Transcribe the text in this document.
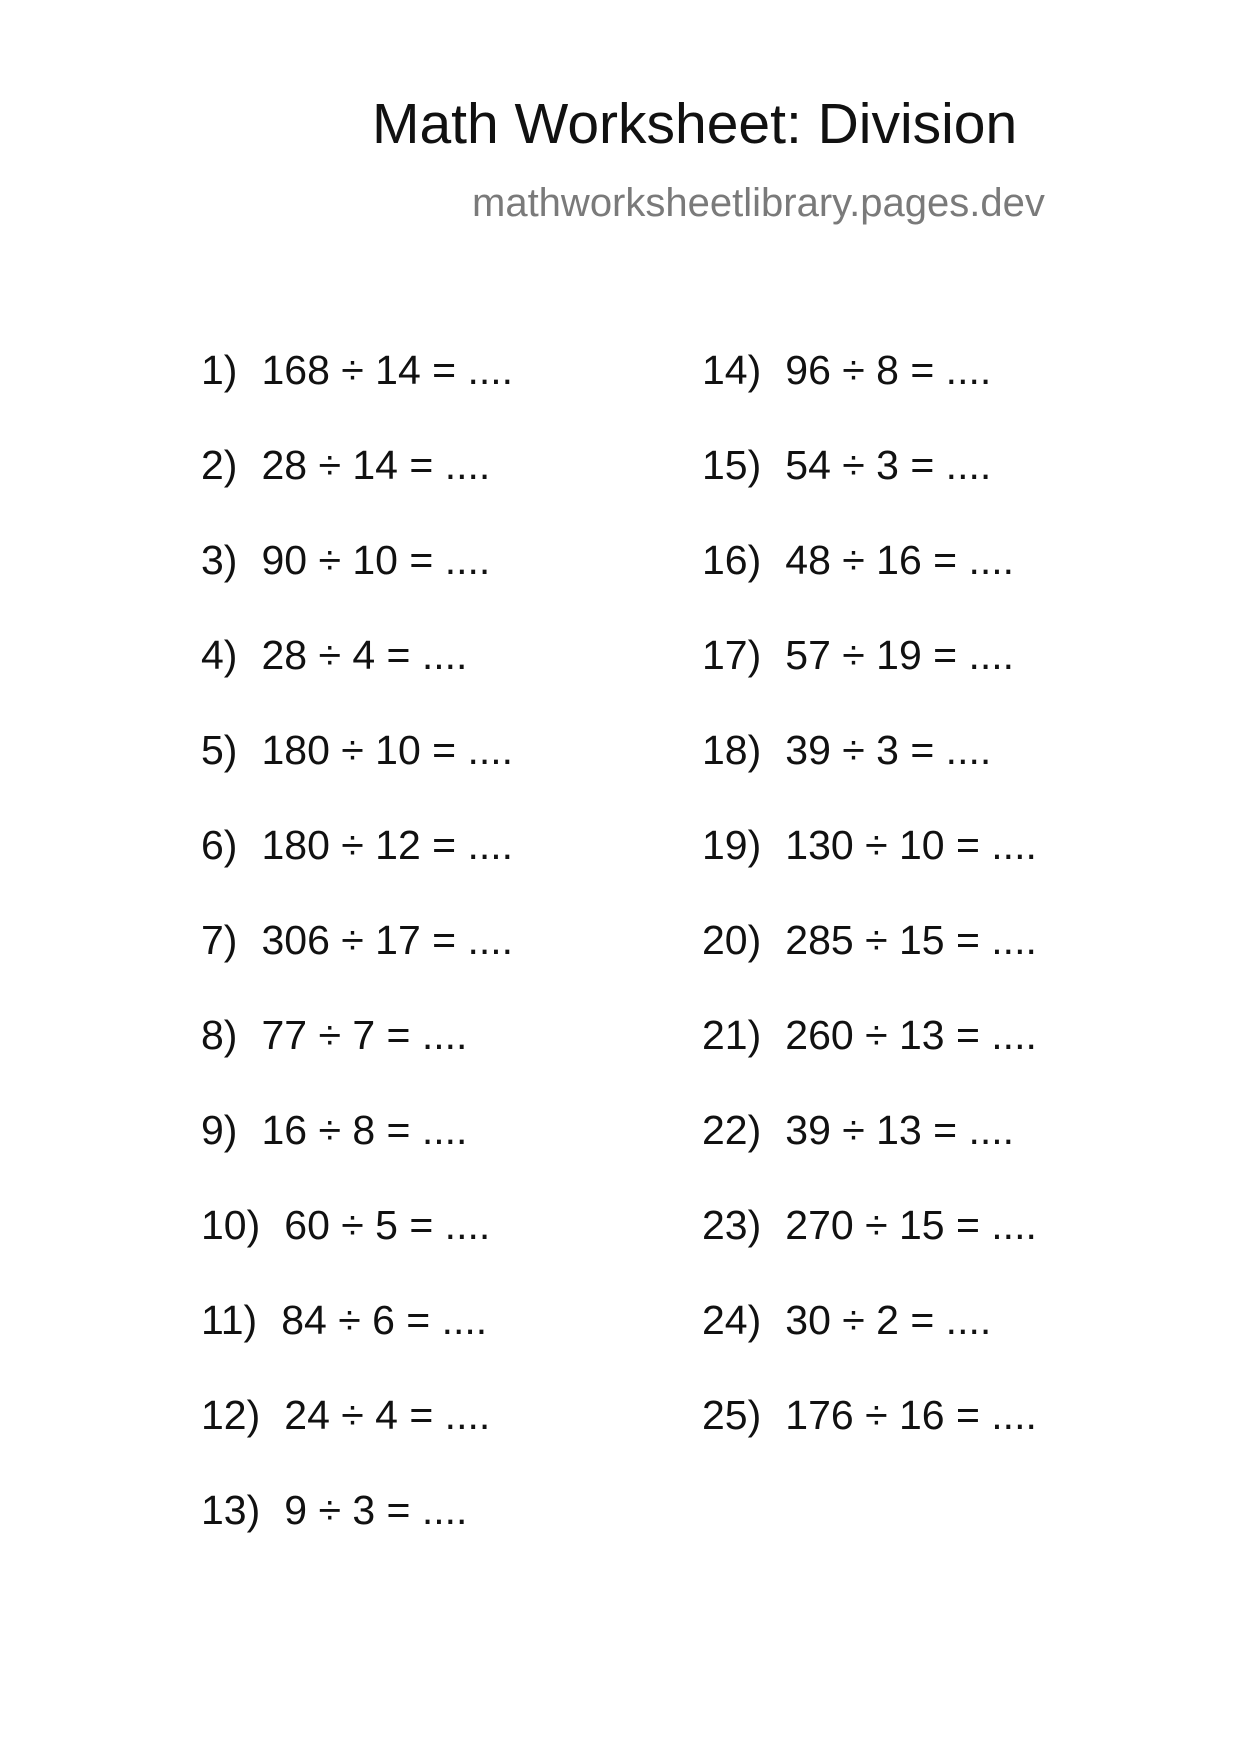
Math Worksheet: Division
mathworksheetlibrary.pages.dev
1) 168 ÷ 14 = ....
2) 28 ÷ 14 = ....
3) 90 ÷ 10 = ....
4) 28 ÷ 4 = ....
5) 180 ÷ 10 = ....
6) 180 ÷ 12 = ....
7) 306 ÷ 17 = ....
8) 77 ÷ 7 = ....
9) 16 ÷ 8 = ....
10) 60 ÷ 5 = ....
11) 84 ÷ 6 = ....
12) 24 ÷ 4 = ....
13) 9 ÷ 3 = ....
14) 96 ÷ 8 = ....
15) 54 ÷ 3 = ....
16) 48 ÷ 16 = ....
17) 57 ÷ 19 = ....
18) 39 ÷ 3 = ....
19) 130 ÷ 10 = ....
20) 285 ÷ 15 = ....
21) 260 ÷ 13 = ....
22) 39 ÷ 13 = ....
23) 270 ÷ 15 = ....
24) 30 ÷ 2 = ....
25) 176 ÷ 16 = ....
